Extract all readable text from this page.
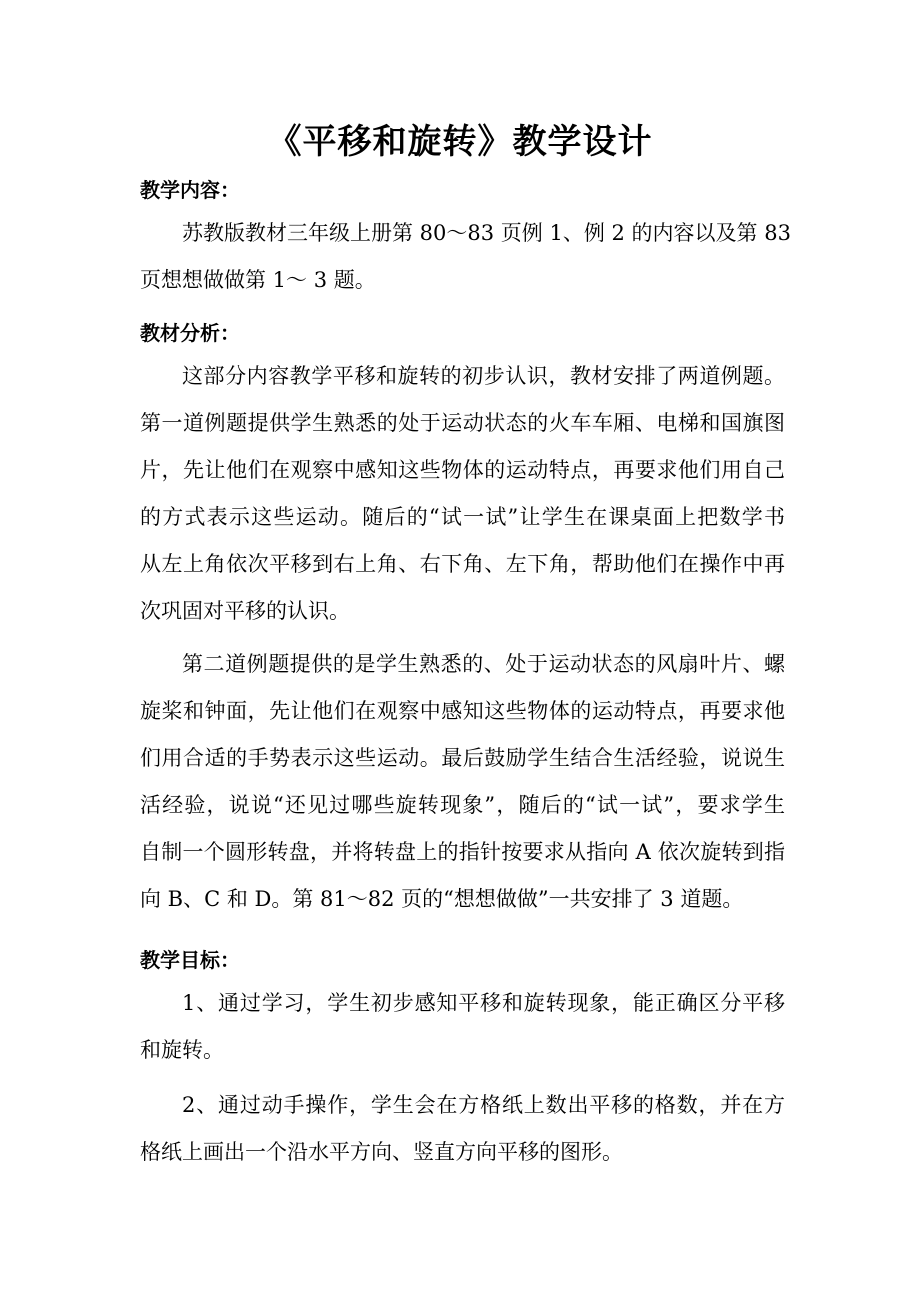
《平移和旋转》教学设计
教学内容：
苏教版教材三年级上册第 80～83 页例 1、例 2 的内容以及第 83
页想想做做第 1～ 3 题。
教材分析：
这部分内容教学平移和旋转的初步认识，教材安排了两道例题。
第一道例题提供学生熟悉的处于运动状态的火车车厢、电梯和国旗图
片，先让他们在观察中感知这些物体的运动特点，再要求他们用自己
的方式表示这些运动。随后的“试一试”让学生在课桌面上把数学书
从左上角依次平移到右上角、右下角、左下角，帮助他们在操作中再
次巩固对平移的认识。
第二道例题提供的是学生熟悉的、处于运动状态的风扇叶片、螺
旋桨和钟面，先让他们在观察中感知这些物体的运动特点，再要求他
们用合适的手势表示这些运动。最后鼓励学生结合生活经验，说说生
活经验，说说“还见过哪些旋转现象”，随后的“试一试”，要求学生
自制一个圆形转盘，并将转盘上的指针按要求从指向 A 依次旋转到指
向 B、C 和 D。第 81～82 页的“想想做做”一共安排了 3 道题。
教学目标：
1、通过学习，学生初步感知平移和旋转现象，能正确区分平移
和旋转。
2、通过动手操作，学生会在方格纸上数出平移的格数，并在方
格纸上画出一个沿水平方向、竖直方向平移的图形。
